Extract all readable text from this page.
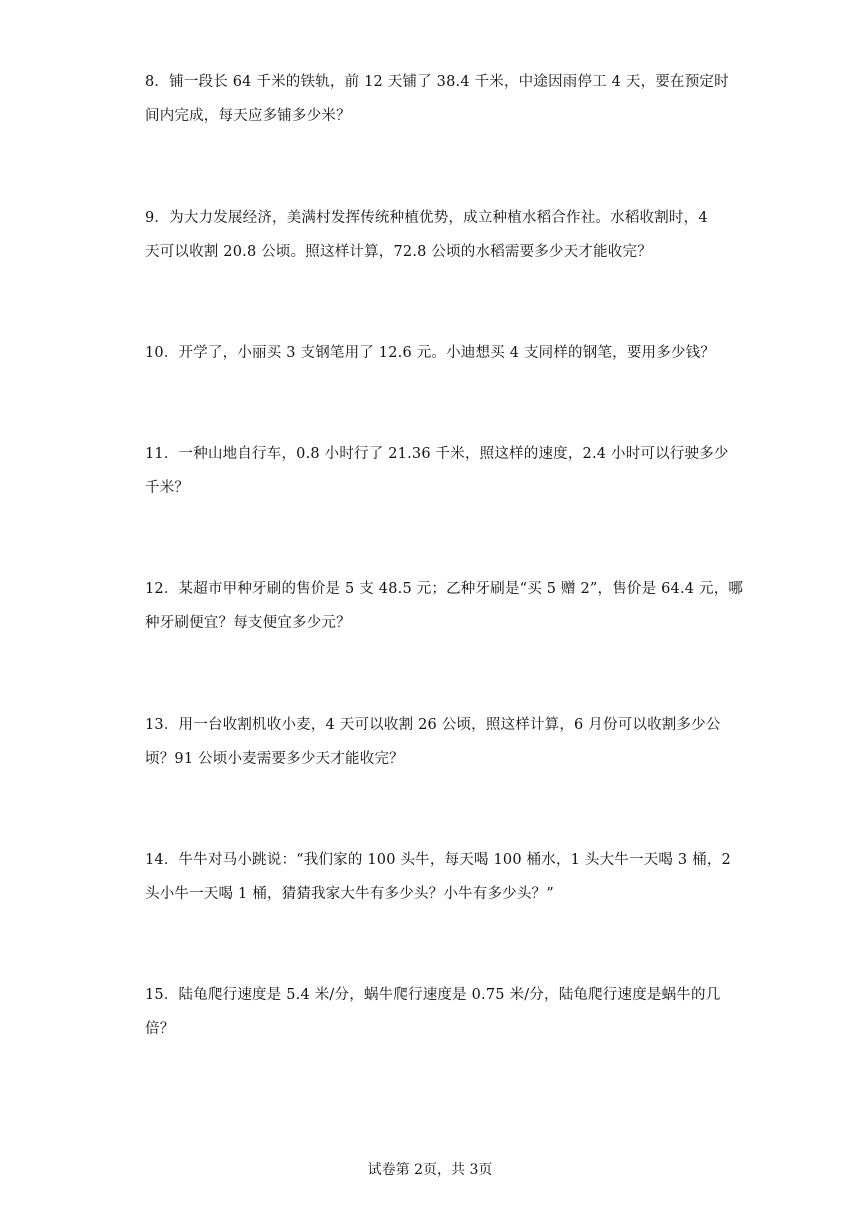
8．铺一段长 64 千米的铁轨，前 12 天铺了 38.4 千米，中途因雨停工 4 天，要在预定时
间内完成，每天应多铺多少米？
9．为大力发展经济，美满村发挥传统种植优势，成立种植水稻合作社。水稻收割时，4
天可以收割 20.8 公顷。照这样计算，72.8 公顷的水稻需要多少天才能收完？
10．开学了，小丽买 3 支钢笔用了 12.6 元。小迪想买 4 支同样的钢笔，要用多少钱？
11．一种山地自行车，0.8 小时行了 21.36 千米，照这样的速度，2.4 小时可以行驶多少
千米？
12．某超市甲种牙刷的售价是 5 支 48.5 元；乙种牙刷是“买 5 赠 2”，售价是 64.4 元，哪
种牙刷便宜？每支便宜多少元？
13．用一台收割机收小麦，4 天可以收割 26 公顷，照这样计算，6 月份可以收割多少公
顷？91 公顷小麦需要多少天才能收完？
14．牛牛对马小跳说：“我们家的 100 头牛，每天喝 100 桶水，1 头大牛一天喝 3 桶，2
头小牛一天喝 1 桶，猜猜我家大牛有多少头？小牛有多少头？”
15．陆龟爬行速度是 5.4 米/分，蜗牛爬行速度是 0.75 米/分，陆龟爬行速度是蜗牛的几
倍？
试卷第 2页，共 3页
